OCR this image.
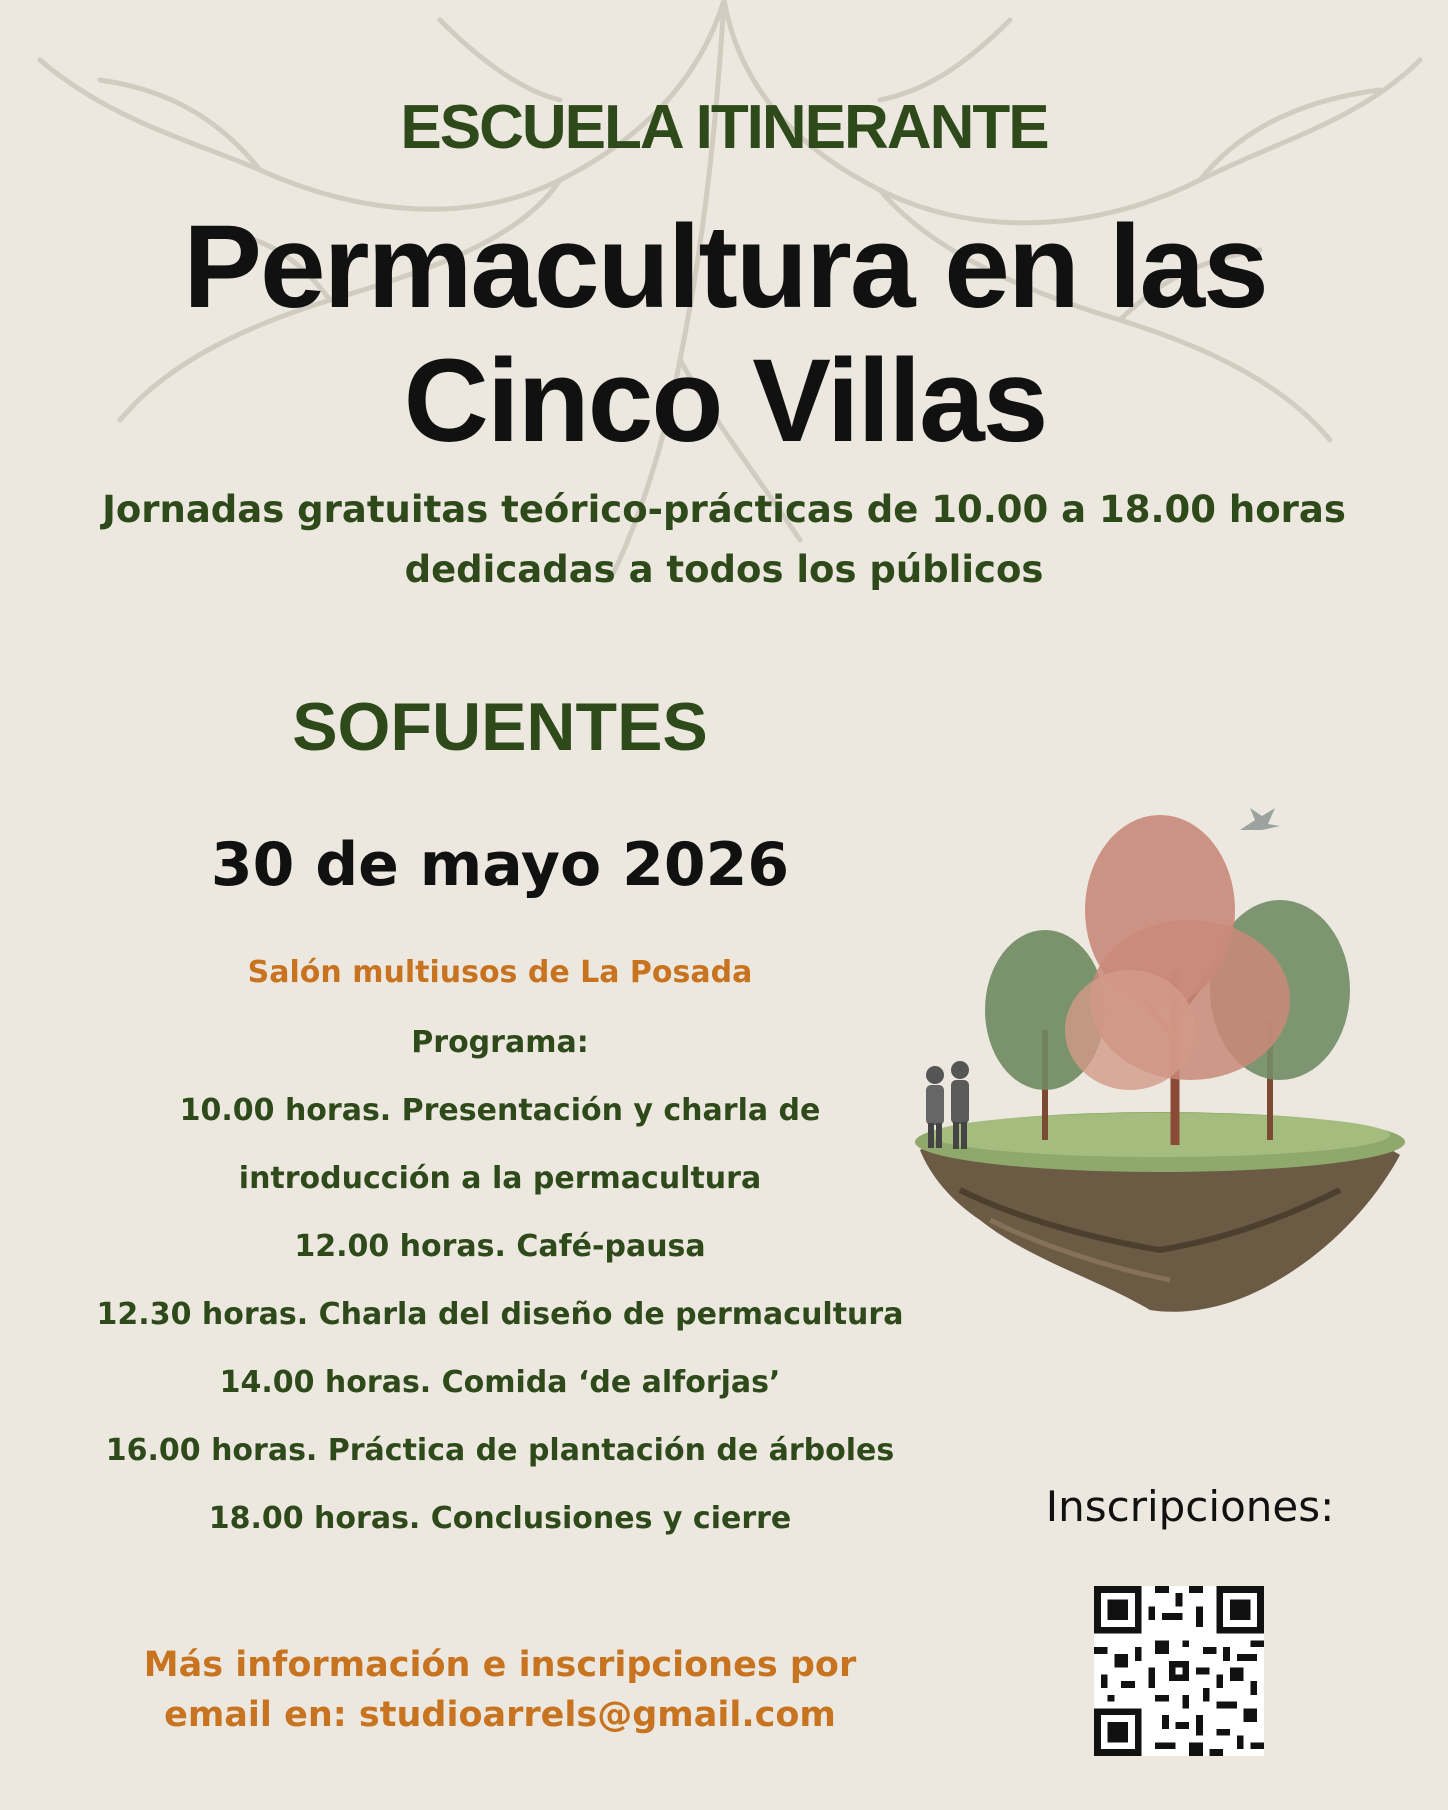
ESCUELA ITINERANTE
Permacultura en las
Cinco Villas
Jornadas gratuitas teórico-prácticas de 10.00 a 18.00 horas
dedicadas a todos los públicos
SOFUENTES
30 de mayo 2026
Salón multiusos de La Posada
Programa:
10.00 horas. Presentación y charla de
introducción a la permacultura
12.00 horas. Café-pausa
12.30 horas. Charla del diseño de permacultura
14.00 horas. Comida ‘de alforjas’
16.00 horas. Práctica de plantación de árboles
18.00 horas. Conclusiones y cierre	Inscripciones:
Más información e inscripciones por
email en: studioarrels@gmail.com
